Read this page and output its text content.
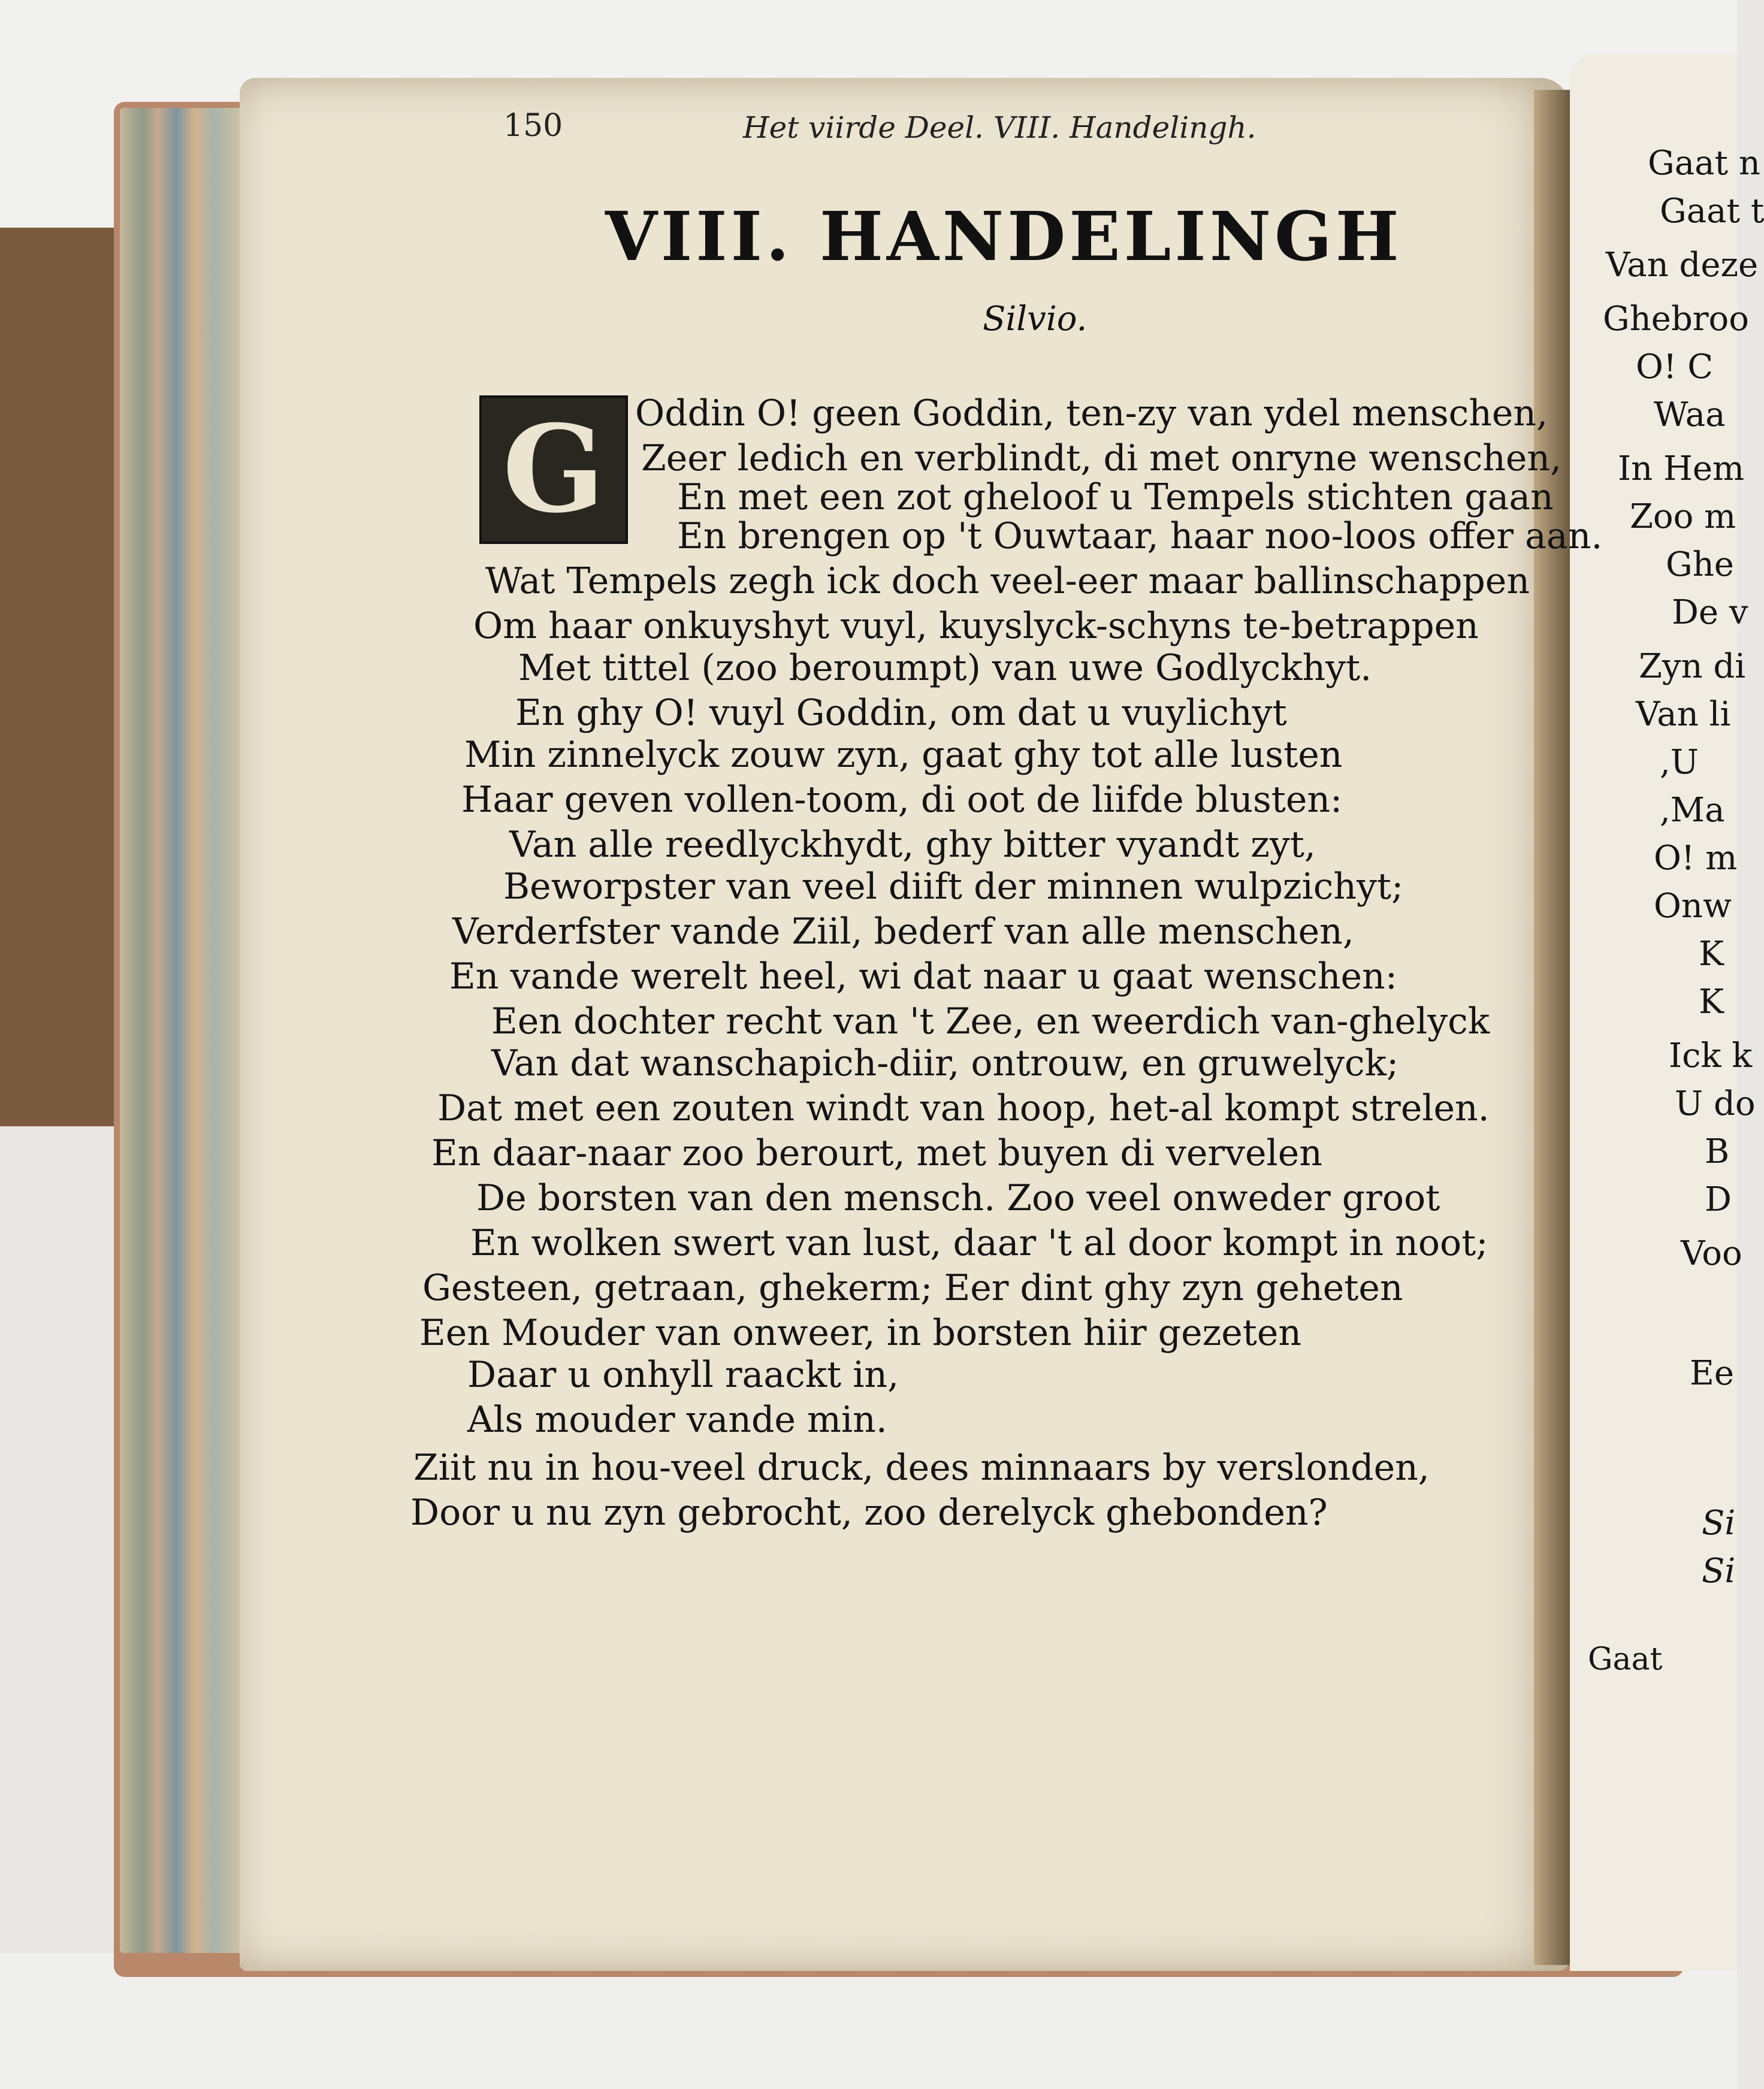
Gaat n
Gaat t
Van deze
Ghebroo
O! C
Waa
In Hem
Zoo m
Ghe
De v
Zyn di
Van li
,U
,Ma
O! m
Onw
K
K
Ick k
U do
B
D
Voo
Ee
Si
Si
150	Het viirde Deel. VIII. Handelingh.
VIII. HANDELINGH
Silvio.
G Oddin O! geen Goddin, ten-zy van ydel menschen,
Zeer ledich en verblindt, di met onryne wenschen,
En met een zot gheloof u Tempels stichten gaan
En brengen op 't Ouwtaar, haar noo-loos offer aan.
Wat Tempels zegh ick doch veel-eer maar ballinschappen
Om haar onkuyshyt vuyl, kuyslyck-schyns te-betrappen
Met tittel (zoo beroumpt) van uwe Godlyckhyt.
En ghy O! vuyl Goddin, om dat u vuylichyt
Min zinnelyck zouw zyn, gaat ghy tot alle lusten
Haar geven vollen-toom, di oot de liifde blusten:
Van alle reedlyckhydt, ghy bitter vyandt zyt,
Beworpster van veel diift der minnen wulpzichyt;
Verderfster vande Ziil, bederf van alle menschen,
En vande werelt heel, wi dat naar u gaat wenschen:
Een dochter recht van 't Zee, en weerdich van-ghelyck
Van dat wanschapich-diir, ontrouw, en gruwelyck;
Dat met een zouten windt van hoop, het-al kompt strelen.
En daar-naar zoo berourt, met buyen di vervelen
De borsten van den mensch. Zoo veel onweder groot
En wolken swert van lust, daar 't al door kompt in noot;
Gesteen, getraan, ghekerm; Eer dint ghy zyn geheten
Een Mouder van onweer, in borsten hiir gezeten
Daar u onhyll raackt in,
Als mouder vande min.
Ziit nu in hou-veel druck, dees minnaars by verslonden,
Door u nu zyn gebrocht, zoo derelyck ghebonden?
Gaat
